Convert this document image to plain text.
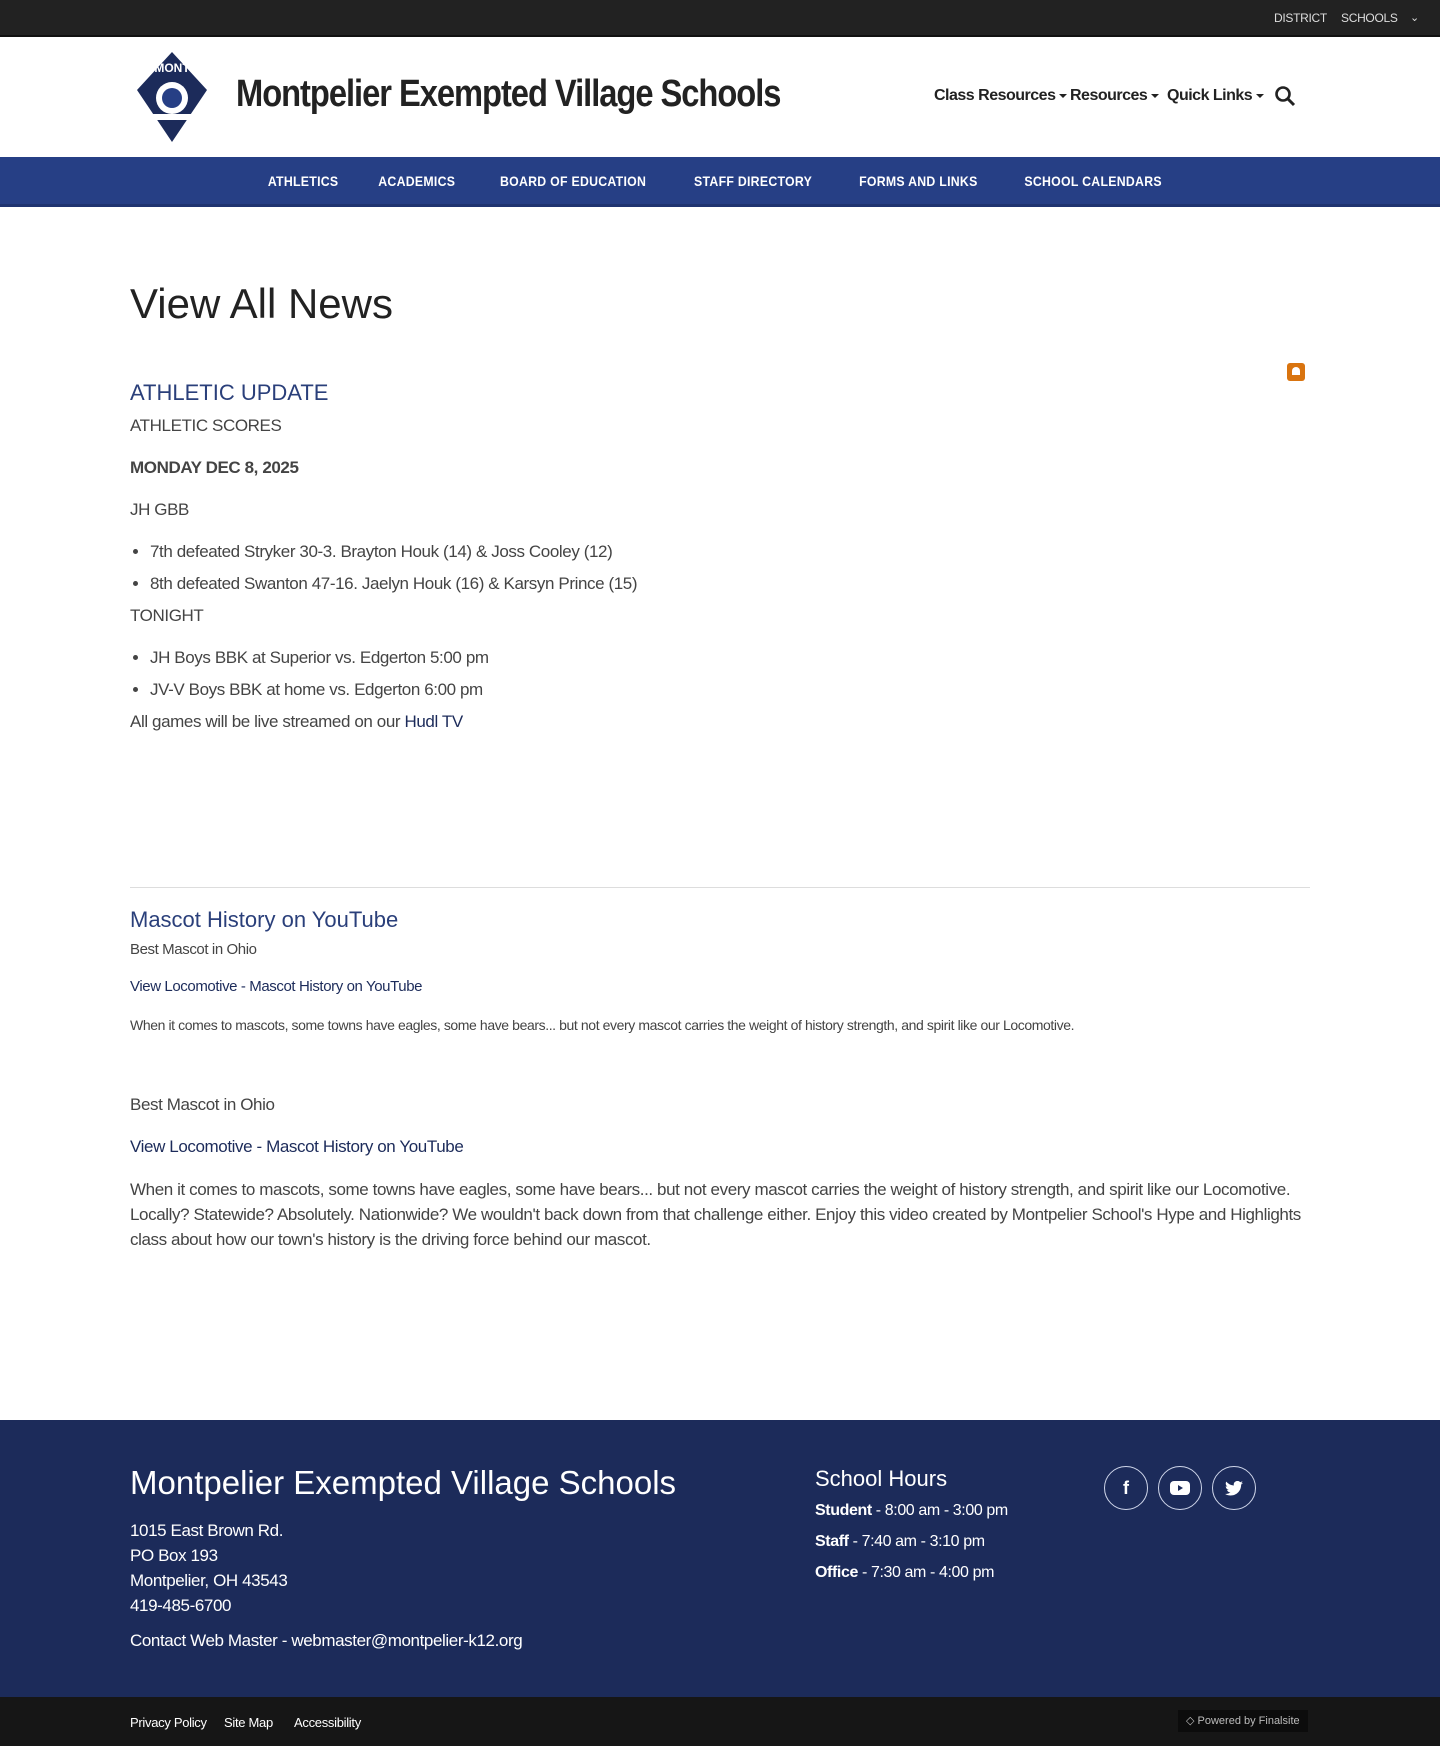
DISTRICT SCHOOLS ⌄
MONT
Montpelier Exempted Village Schools	Class Resources Resources	Quick Links
ATHLETICS	ACADEMICS	BOARD OF EDUCATION	STAFF DIRECTORY	FORMS AND LINKS	SCHOOL CALENDARS
View All News
ATHLETIC UPDATE

ATHLETIC SCORES

MONDAY DEC 8, 2025

JH GBB

• 7th defeated Stryker 30-3. Brayton Houk (14) & Joss Cooley (12)
• 8th defeated Swanton 47-16. Jaelyn Houk (16) & Karsyn Prince (15)

TONIGHT

• JH Boys BBK at Superior vs. Edgerton 5:00 pm
• JV-V Boys BBK at home vs. Edgerton 6:00 pm

All games will be live streamed on our Hudl TV

Mascot History on YouTube

Best Mascot in Ohio

View Locomotive - Mascot History on YouTube

When it comes to mascots, some towns have eagles, some have bears... but not every mascot carries the weight of history strength, and spirit like our Locomotive.

Best Mascot in Ohio

View Locomotive - Mascot History on YouTube

When it comes to mascots, some towns have eagles, some have bears... but not every mascot carries the weight of history strength, and spirit like our Locomotive. Locally? Statewide? Absolutely. Nationwide? We wouldn't back down from that challenge either. Enjoy this video created by Montpelier School's Hype and Highlights class about how our town's history is the driving force behind our mascot.

Montpelier Exempted Village Schools
1015 East Brown Rd.
PO Box 193
Montpelier, OH 43543
419-485-6700
Contact Web Master - webmaster@montpelier-k12.org
School Hours
Student - 8:00 am - 3:00 pm
Staff - 7:40 am - 3:10 pm
Office - 7:30 am - 4:00 pm
f
Privacy Policy Site Map Accessibility	◇ Powered by Finalsite
